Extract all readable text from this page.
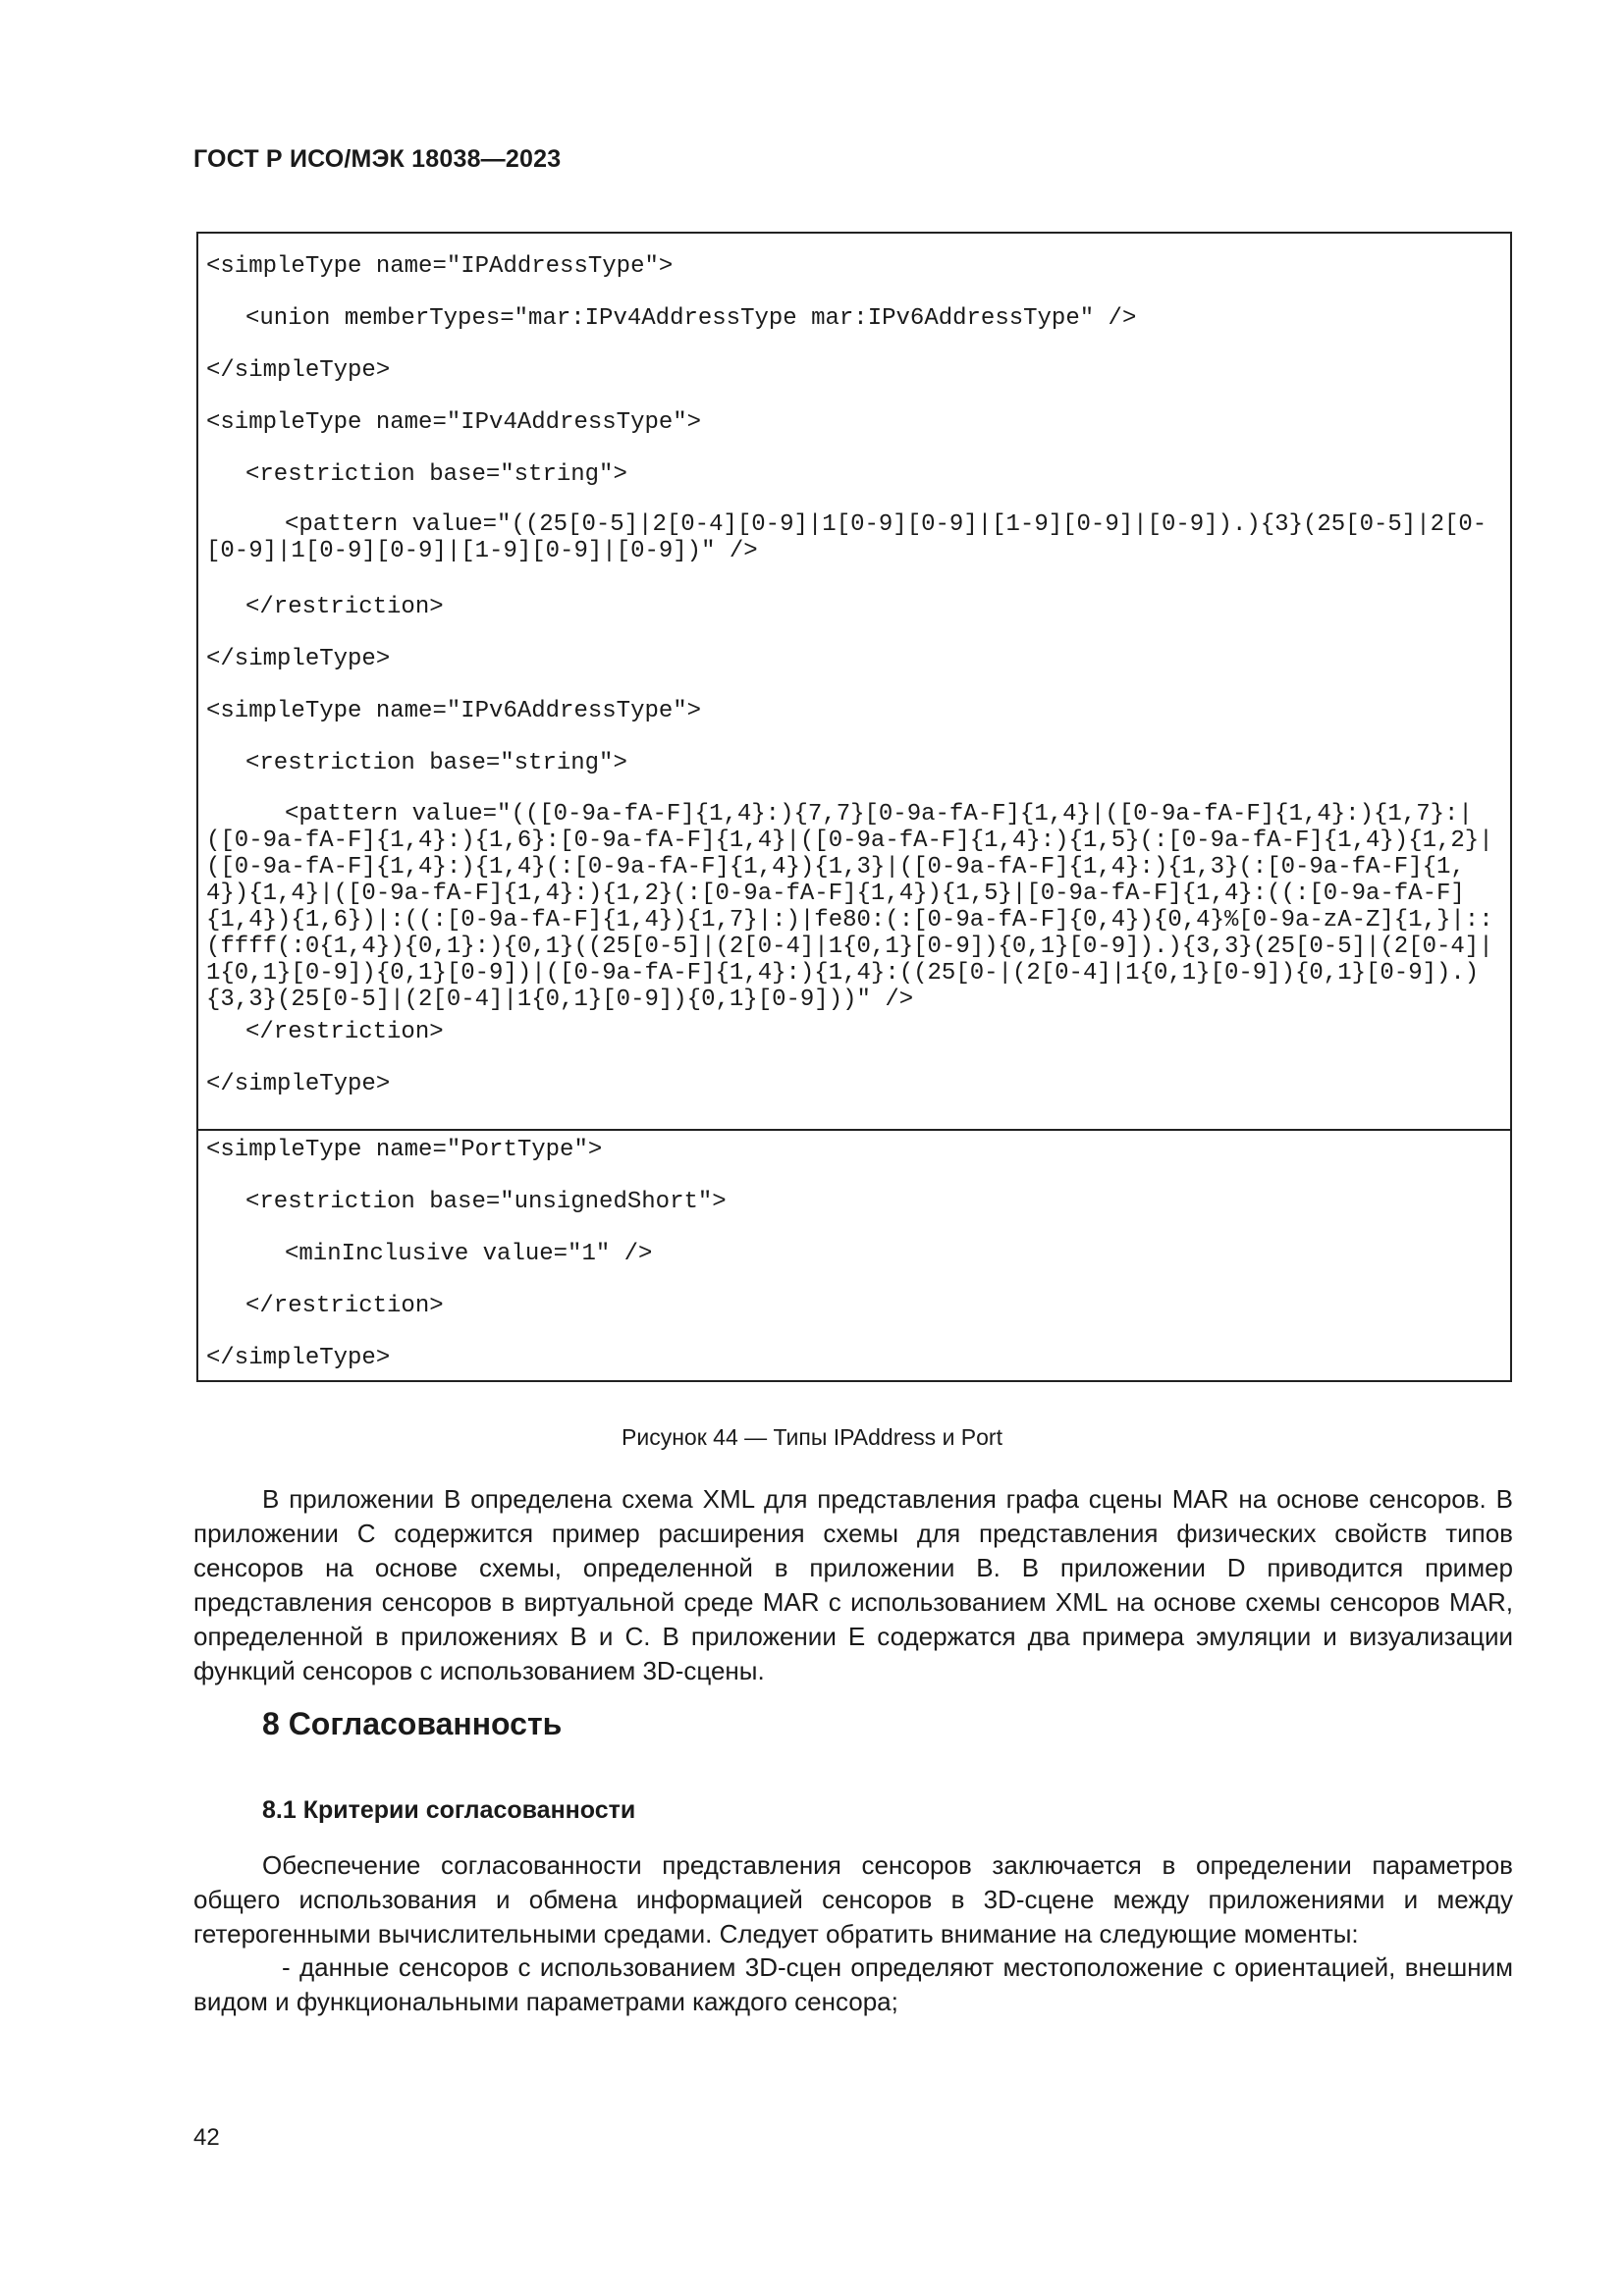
ГОСТ Р ИСО/МЭК 18038—2023
<simpleType name="IPAddressType">
<union memberTypes="mar:IPv4AddressType mar:IPv6AddressType" />
</simpleType>
<simpleType name="IPv4AddressType">
<restriction base="string">
<pattern value="((25[0-5]|2[0-4][0-9]|1[0-9][0-9]|[1-9][0-9]|[0-9]).){3}(25[0-5]|2[0-[0-9]|1[0-9][0-9]|[1-9][0-9]|[0-9])" />
</restriction>
</simpleType>
<simpleType name="IPv6AddressType">
<restriction base="string">
<pattern value="(([0-9a-fA-F]{1,4}:){7,7}[0-9a-fA-F]{1,4}|([0-9a-fA-F]{1,4}:){1,7}:|([0-9a-fA-F]{1,4}:){1,6}:[0-9a-fA-F]{1,4}|([0-9a-fA-F]{1,4}:){1,5}(:[0-9a-fA-F]{1,4}){1,2}|([0-9a-fA-F]{1,4}:){1,4}(:[0-9a-fA-F]{1,4}){1,3}|([0-9a-fA-F]{1,4}:){1,3}(:[0-9a-fA-F]{1,4}){1,4}|([0-9a-fA-F]{1,4}:){1,2}(:[0-9a-fA-F]{1,4}){1,5}|[0-9a-fA-F]{1,4}:((:[0-9a-fA-F]{1,4}){1,6})|:((:[0-9a-fA-F]{1,4}){1,7}|:)|fe80:(:[0-9a-fA-F]{0,4}){0,4}%[0-9a-zA-Z]{1,}|::(ffff(:0{1,4}){0,1}:){0,1}((25[0-5]|(2[0-4]|1{0,1}[0-9]){0,1}[0-9]).){3,3}(25[0-5]|(2[0-4]|1{0,1}[0-9]){0,1}[0-9])|([0-9a-fA-F]{1,4}:){1,4}:((25[0-|(2[0-4]|1{0,1}[0-9]){0,1}[0-9]).){3,3}(25[0-5]|(2[0-4]|1{0,1}[0-9]){0,1}[0-9]))" />
</restriction>
</simpleType>
<simpleType name="PortType">
<restriction base="unsignedShort">
<minInclusive value="1" />
</restriction>
</simpleType>
Рисунок 44 — Типы IPAddress и Port
В приложении B определена схема XML для представления графа сцены MAR на основе сенсоров. В приложении C содержится пример расширения схемы для представления физических свойств типов сенсоров на основе схемы, определенной в приложении B. В приложении D приводится пример представления сенсоров в виртуальной среде MAR с использованием XML на основе схемы сенсоров MAR, определенной в приложениях B и C. В приложении E содержатся два примера эмуляции и визуализации функций сенсоров с использованием 3D-сцены.
8 Согласованность
8.1 Критерии согласованности
Обеспечение согласованности представления сенсоров заключается в определении параметров общего использования и обмена информацией сенсоров в 3D-сцене между приложениями и между гетерогенными вычислительными средами. Следует обратить внимание на следующие моменты:
- данные сенсоров с использованием 3D-сцен определяют местоположение с ориентацией, внешним видом и функциональными параметрами каждого сенсора;
42
